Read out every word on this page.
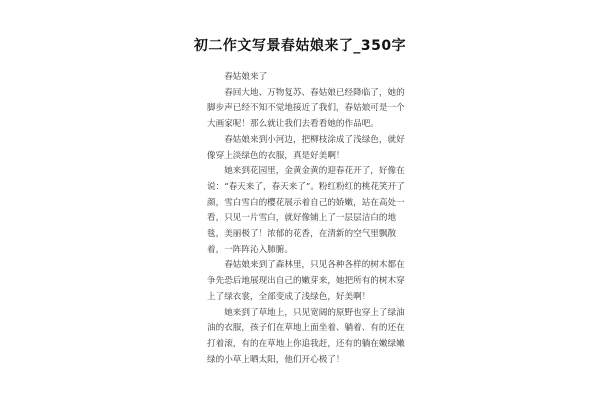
初二作文写景春姑娘来了_350字

春姑娘来了

春回大地、万物复苏、春姑娘已经降临了，她的脚步声已经不知不觉地接近了我们，春姑娘可是一个大画家呢！那么就让我们去看看她的作品吧。

春姑娘来到小河边，把柳枝涂成了浅绿色，就好像穿上淡绿色的衣服，真是好美啊！

她来到花园里，金黄金黄的迎春花开了，好像在说：“春天来了，春天来了”。粉红粉红的桃花笑开了颜，雪白雪白的樱花展示着自己的娇嫩，站在高处一看，只见一片雪白，就好像铺上了一层层洁白的地毯，美丽极了！浓郁的花香，在清新的空气里飘散着，一阵阵沁入肺腑。

春姑娘来到了森林里，只见各种各样的树木都在争先恐后地展现出自己的嫩芽来，她把所有的树木穿上了绿衣裳，全部变成了浅绿色，好美啊！

她来到了草地上，只见宽阔的原野也穿上了绿油油的衣服，孩子们在草地上面坐着、躺着、有的还在打着滚，有的在草地上你追我赶，还有的躺在嫩绿嫩绿的小草上晒太阳，他们开心极了！
